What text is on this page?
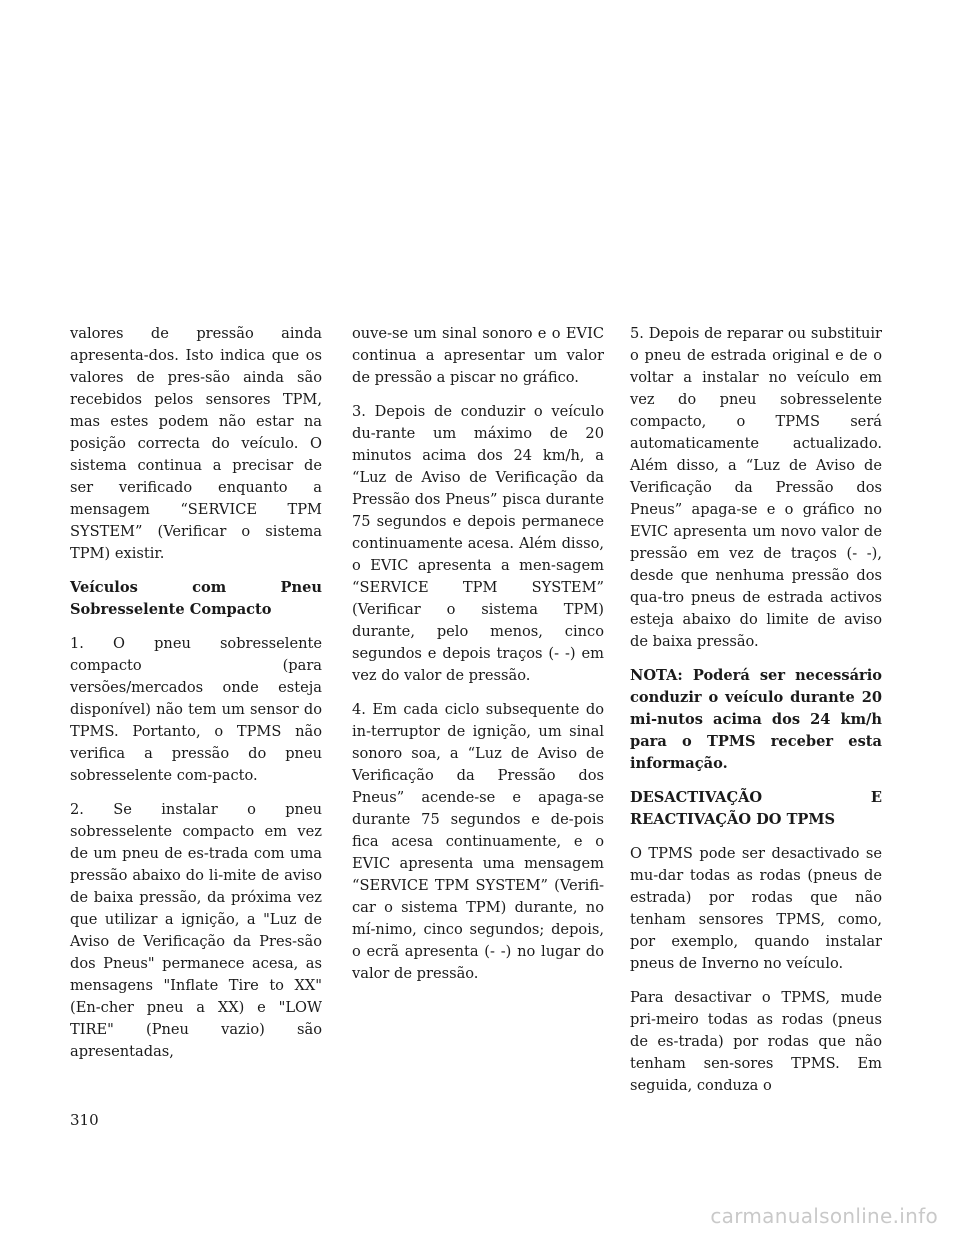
valores de pressão ainda apresenta-dos. Isto indica que os valores de pres-são ainda são recebidos pelos sensores TPM, mas estes podem não estar na posição correcta do veículo. O sistema continua a precisar de ser verificado enquanto a mensagem “SERVICE TPM SYSTEM” (Verificar o sistema TPM) existir.

Veículos com Pneu Sobresselente Compacto

1. O pneu sobresselente compacto (para versões/mercados onde esteja disponível) não tem um sensor do TPMS. Portanto, o TPMS não verifica a pressão do pneu sobresselente com-pacto.

2. Se instalar o pneu sobresselente compacto em vez de um pneu de es-trada com uma pressão abaixo do li-mite de aviso de baixa pressão, da próxima vez que utilizar a ignição, a "Luz de Aviso de Verificação da Pres-são dos Pneus" permanece acesa, as mensagens "Inflate Tire to XX" (En-cher pneu a XX) e "LOW TIRE" (Pneu vazio) são apresentadas,

ouve-se um sinal sonoro e o EVIC continua a apresentar um valor de pressão a piscar no gráfico.

3. Depois de conduzir o veículo du-rante um máximo de 20 minutos acima dos 24 km/h, a “Luz de Aviso de Verificação da Pressão dos Pneus” pisca durante 75 segundos e depois permanece continuamente acesa. Além disso, o EVIC apresenta a men-sagem “SERVICE TPM SYSTEM” (Verificar o sistema TPM) durante, pelo menos, cinco segundos e depois traços (- -) em vez do valor de pressão.

4. Em cada ciclo subsequente do in-terruptor de ignição, um sinal sonoro soa, a “Luz de Aviso de Verificação da Pressão dos Pneus” acende-se e apaga-se durante 75 segundos e de-pois fica acesa continuamente, e o EVIC apresenta uma mensagem “SERVICE TPM SYSTEM” (Verifi-car o sistema TPM) durante, no mí-nimo, cinco segundos; depois, o ecrã apresenta (- -) no lugar do valor de pressão.

5. Depois de reparar ou substituir o pneu de estrada original e de o voltar a instalar no veículo em vez do pneu sobresselente compacto, o TPMS será automaticamente actualizado. Além disso, a “Luz de Aviso de Verificação da Pressão dos Pneus” apaga-se e o gráfico no EVIC apresenta um novo valor de pressão em vez de traços (- -), desde que nenhuma pressão dos qua-tro pneus de estrada activos esteja abaixo do limite de aviso de baixa pressão.

NOTA: Poderá ser necessário conduzir o veículo durante 20 mi-nutos acima dos 24 km/h para o TPMS receber esta informação.

DESACTIVAÇÃO E REACTIVAÇÃO DO TPMS

O TPMS pode ser desactivado se mu-dar todas as rodas (pneus de estrada) por rodas que não tenham sensores TPMS, como, por exemplo, quando instalar pneus de Inverno no veículo.

Para desactivar o TPMS, mude pri-meiro todas as rodas (pneus de es-trada) por rodas que não tenham sen-sores TPMS. Em seguida, conduza o

310
carmanualsonline.info
